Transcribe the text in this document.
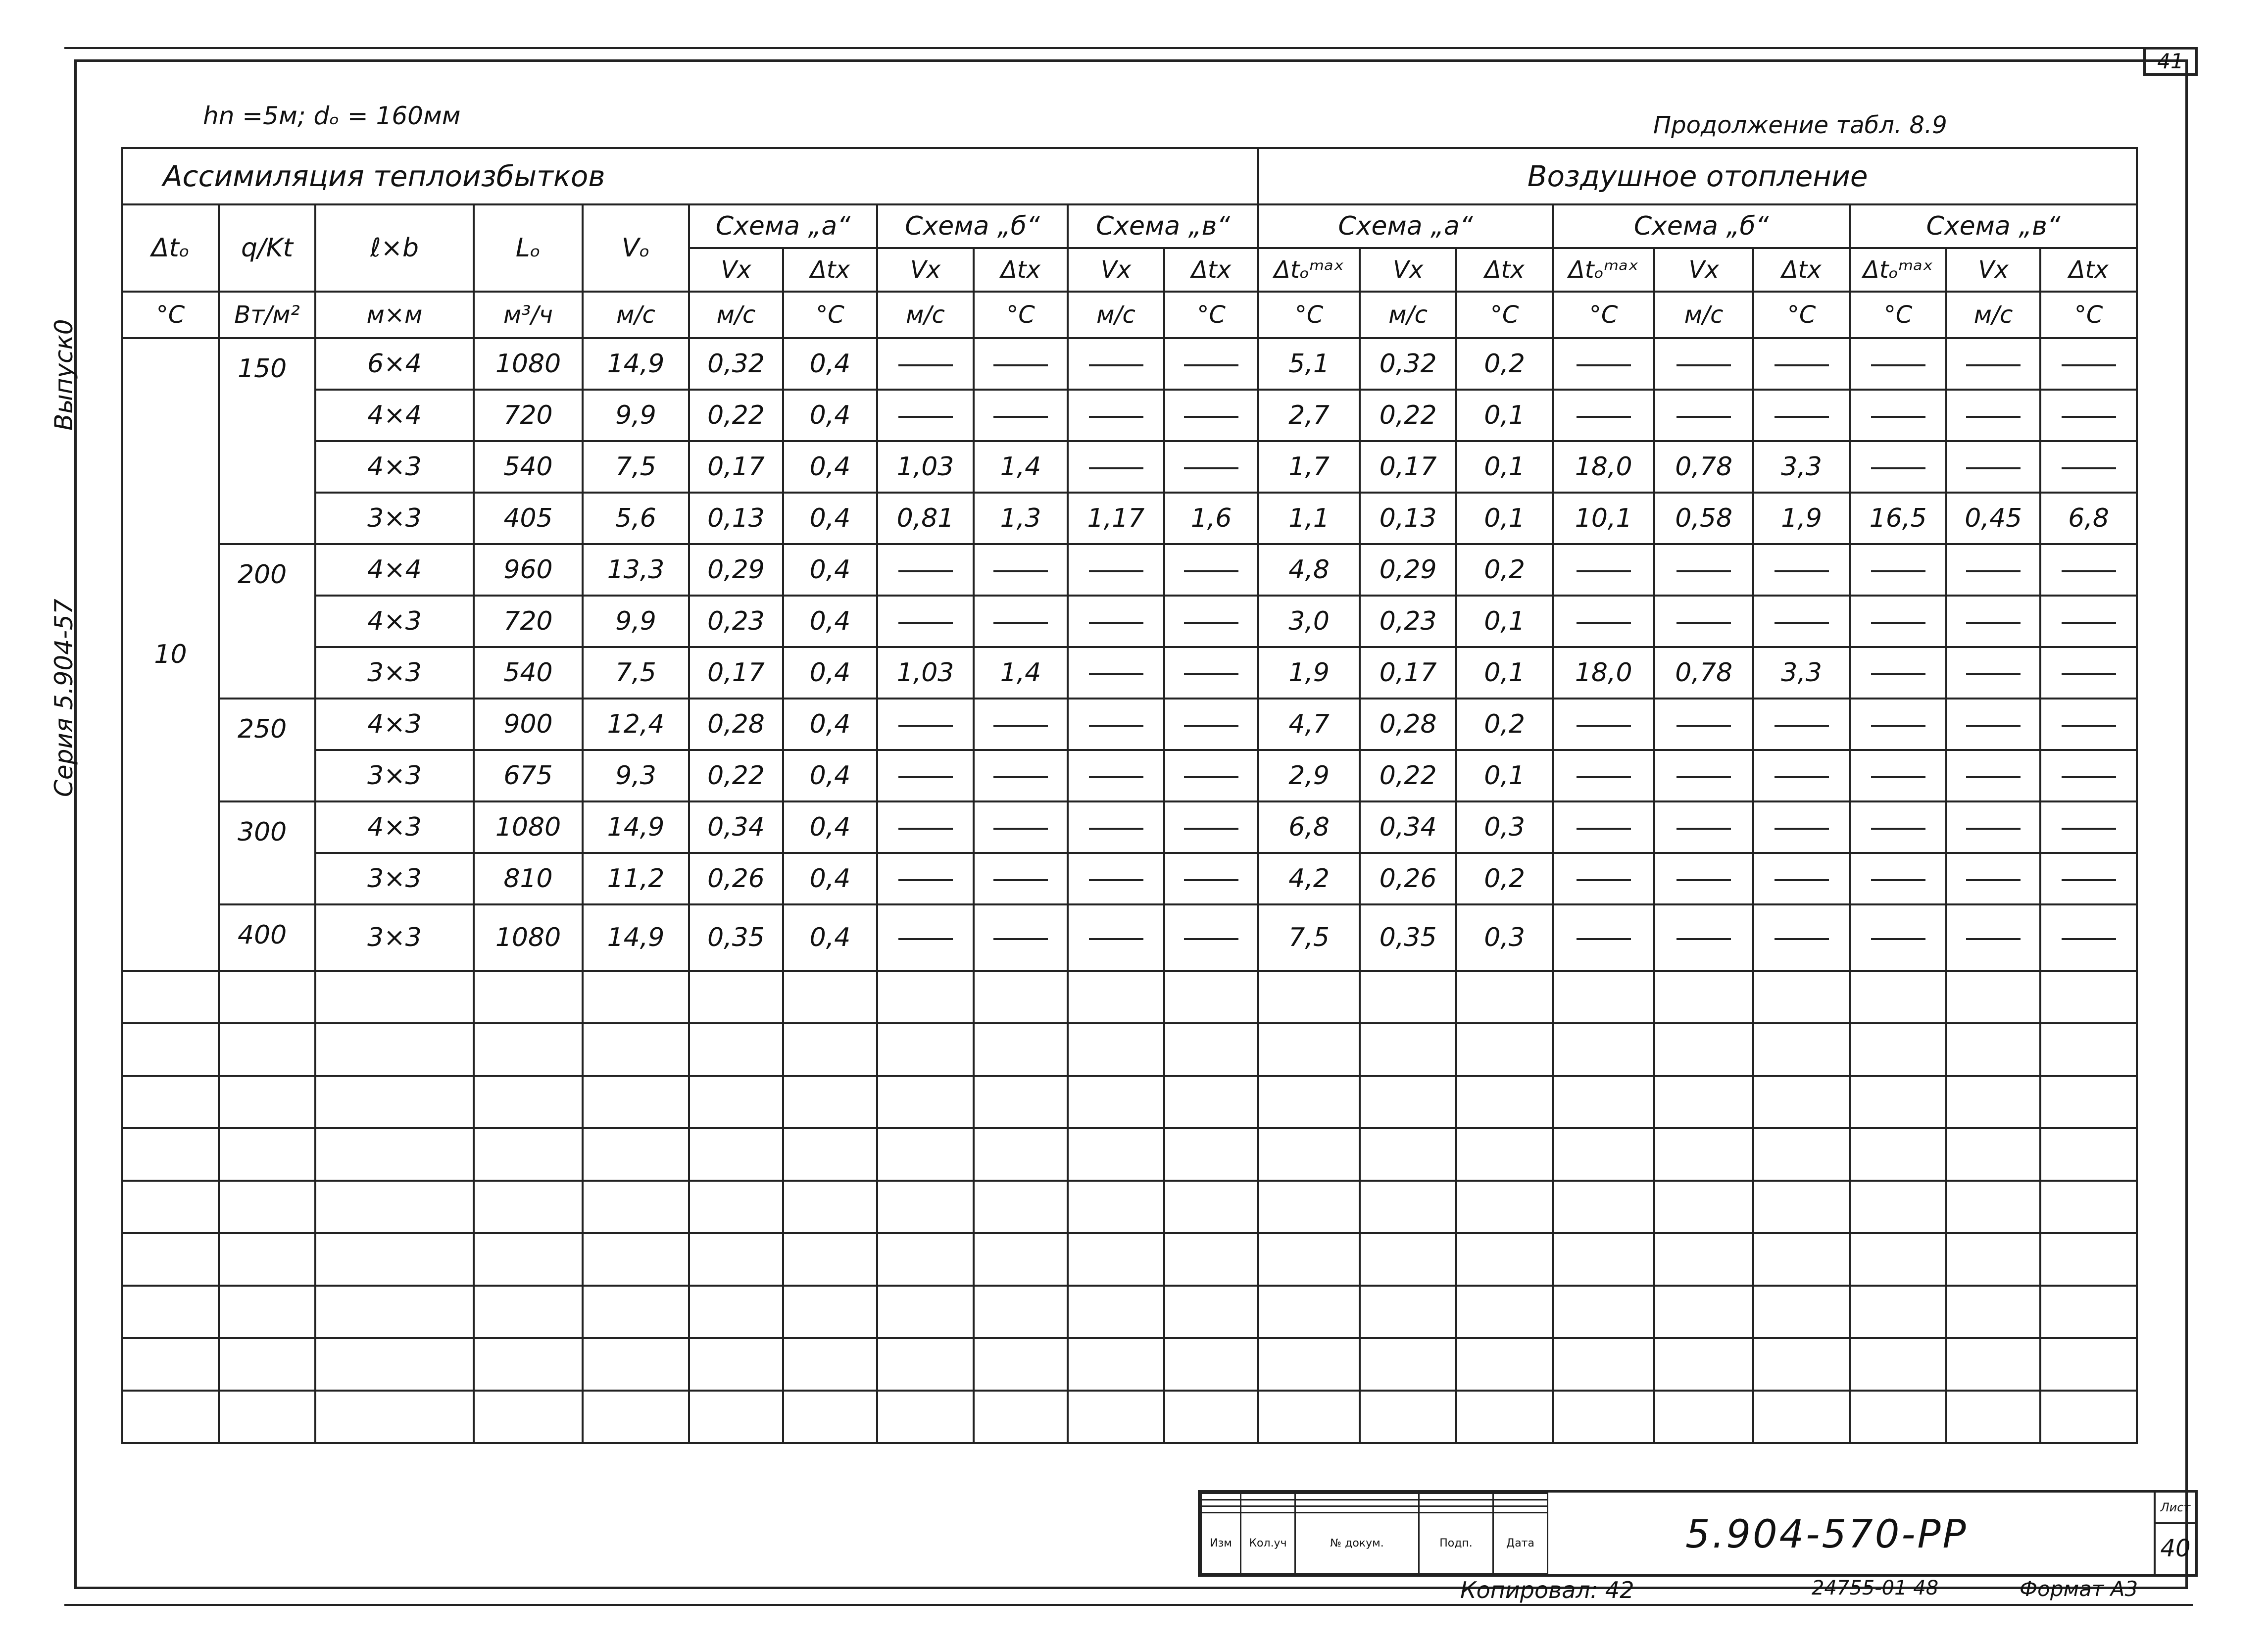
41
hn =5м; dₒ = 160мм	Продолжение табл. 8.9
Серия 5.904-57
Выпуск0
Ассимиляция теплоизбытков											Воздушное отопление								
Δtₒ	q/Kt	ℓ×b	Lₒ	Vₒ	Схема „а“		Схема „б“		Схема „в“		Схема „а“			Схема „б“			Схема „в“		
					Vх	Δtх	Vх	Δtх	Vх	Δtх	Δtₒᵐᵃˣ	Vх	Δtх	Δtₒᵐᵃˣ	Vх	Δtх	Δtₒᵐᵃˣ	Vх	Δtх
°C	Вт/м²	м×м	м³/ч	м/с	м/с	°C	м/с	°C	м/с	°C	°C	м/с	°C	°C	м/с	°C	°C	м/с	°C
10	150	6×4	1080	14,9	0,32	0,4					5,1	0,32	0,2						
		4×4	720	9,9	0,22	0,4					2,7	0,22	0,1						
		4×3	540	7,5	0,17	0,4	1,03	1,4			1,7	0,17	0,1	18,0	0,78	3,3			
		3×3	405	5,6	0,13	0,4	0,81	1,3	1,17	1,6	1,1	0,13	0,1	10,1	0,58	1,9	16,5	0,45	6,8
	200	4×4	960	13,3	0,29	0,4					4,8	0,29	0,2						
		4×3	720	9,9	0,23	0,4					3,0	0,23	0,1						
		3×3	540	7,5	0,17	0,4	1,03	1,4			1,9	0,17	0,1	18,0	0,78	3,3			
	250	4×3	900	12,4	0,28	0,4					4,7	0,28	0,2						
		3×3	675	9,3	0,22	0,4					2,9	0,22	0,1						
	300	4×3	1080	14,9	0,34	0,4					6,8	0,34	0,3						
		3×3	810	11,2	0,26	0,4					4,2	0,26	0,2						
	400	3×3	1080	14,9	0,35	0,4					7,5	0,35	0,3						

Изм	Кол.уч	№ докум.	Подп.	Дата	5.904-570-РР
Лист
40
Копировал: 42	24755-01 48	Формат А3
